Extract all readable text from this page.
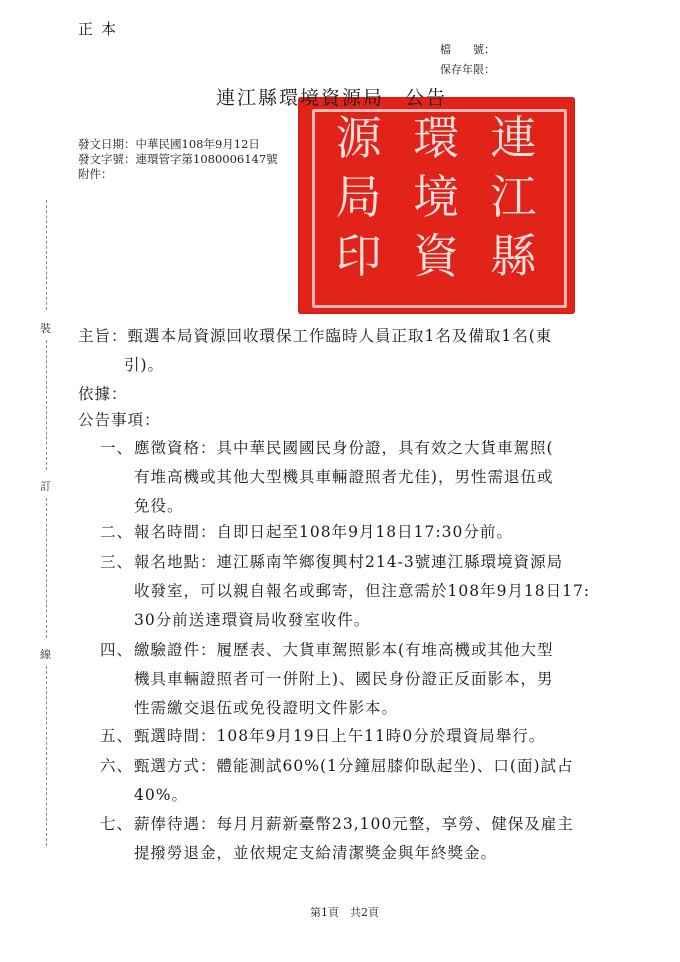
正本
檔　　號：
保存年限：
源
局
印
環
境
資
連
江
縣
連江縣環境資源局　公告
發文日期：中華民國108年9月12日
發文字號：連環管字第1080006147號
附件：
裝
訂
線
主旨：甄選本局資源回收環保工作臨時人員正取1名及備取1名(東
引)。
依據：
公告事項：
一、 應徵資格：具中華民國國民身份證，具有效之大貨車駕照(
有堆高機或其他大型機具車輛證照者尤佳)，男性需退伍或
免役。
二、 報名時間：自即日起至108年9月18日17:30分前。
三、 報名地點：連江縣南竿鄉復興村214-3號連江縣環境資源局
收發室，可以親自報名或郵寄，但注意需於108年9月18日17:
30分前送達環資局收發室收件。
四、 繳驗證件：履歷表、大貨車駕照影本(有堆高機或其他大型
機具車輛證照者可一併附上)、國民身份證正反面影本，男
性需繳交退伍或免役證明文件影本。
五、 甄選時間：108年9月19日上午11時0分於環資局舉行。
六、 甄選方式：體能測試60%(1分鐘屈膝仰臥起坐)、口(面)試占
40%。
七、 薪俸待遇：每月月薪新臺幣23,100元整，享勞、健保及雇主
提撥勞退金，並依規定支給清潔獎金與年終獎金。
第1頁　共2頁
